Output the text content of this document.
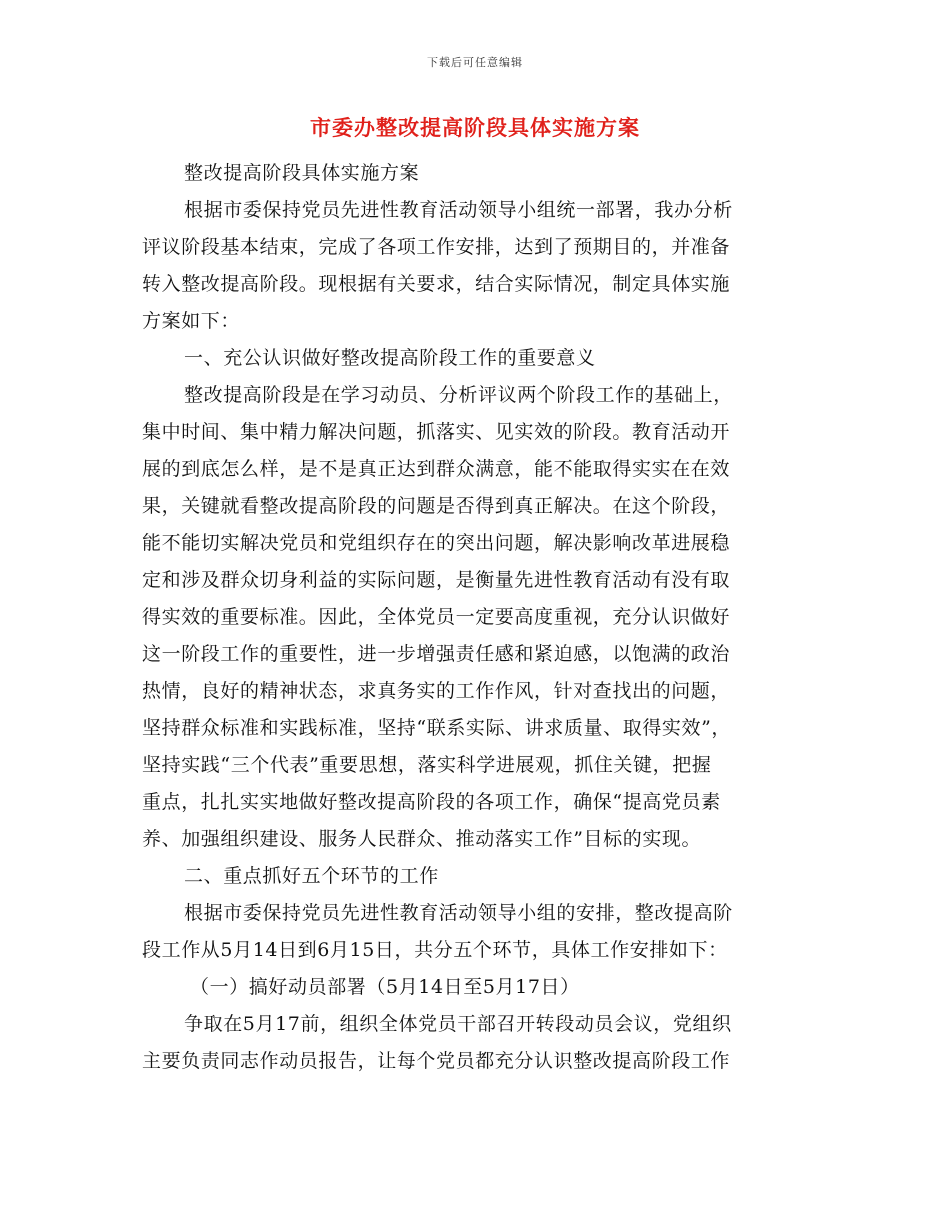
下载后可任意编辑
市委办整改提高阶段具体实施方案
整改提高阶段具体实施方案
根据市委保持党员先进性教育活动领导小组统一部署，我办分析
评议阶段基本结束，完成了各项工作安排，达到了预期目的，并准备
转入整改提高阶段。现根据有关要求，结合实际情况，制定具体实施
方案如下：
一、充公认识做好整改提高阶段工作的重要意义
整改提高阶段是在学习动员、分析评议两个阶段工作的基础上，
集中时间、集中精力解决问题，抓落实、见实效的阶段。教育活动开
展的到底怎么样，是不是真正达到群众满意，能不能取得实实在在效
果，关键就看整改提高阶段的问题是否得到真正解决。在这个阶段，
能不能切实解决党员和党组织存在的突出问题，解决影响改革进展稳
定和涉及群众切身利益的实际问题，是衡量先进性教育活动有没有取
得实效的重要标准。因此，全体党员一定要高度重视，充分认识做好
这一阶段工作的重要性，进一步增强责任感和紧迫感，以饱满的政治
热情，良好的精神状态，求真务实的工作作风，针对查找出的问题，
坚持群众标准和实践标准，坚持“联系实际、讲求质量、取得实效”，
坚持实践“三个代表”重要思想，落实科学进展观，抓住关键，把握
重点，扎扎实实地做好整改提高阶段的各项工作，确保“提高党员素
养、加强组织建设、服务人民群众、推动落实工作”目标的实现。
二、重点抓好五个环节的工作
根据市委保持党员先进性教育活动领导小组的安排，整改提高阶
段工作从5月14日到6月15日，共分五个环节，具体工作安排如下：
（一）搞好动员部署（5月14日至5月17日）
争取在5月17前，组织全体党员干部召开转段动员会议，党组织
主要负责同志作动员报告，让每个党员都充分认识整改提高阶段工作
